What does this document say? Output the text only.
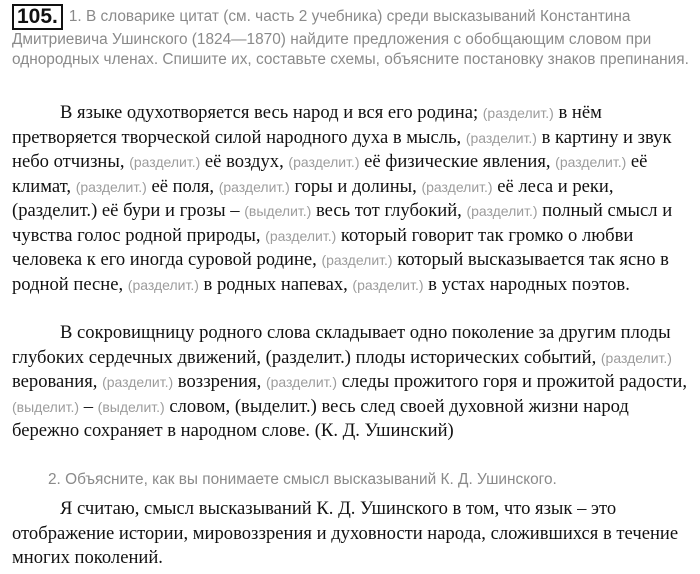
105. 1. В словарике цитат (см. часть 2 учебника) среди высказываний Константина Дмитриевича Ушинского (1824—1870) найдите предложения с обобщающим словом при однородных членах. Спишите их, составьте схемы, объясните постановку знаков препинания.
В языке одухотворяется весь народ и вся его родина; (разделит.) в нём претворяется творческой силой народного духа в мысль, (разделит.) в картину и звук небо отчизны, (разделит.) её воздух, (разделит.) её физические явления, (разделит.) её климат, (разделит.) её поля, (разделит.) горы и долины, (разделит.) её леса и реки, (разделит.) её бури и грозы – (выделит.) весь тот глубокий, (разделит.) полный смысл и чувства голос родной природы, (разделит.) который говорит так громко о любви человека к его иногда суровой родине, (разделит.) который высказывается так ясно в родной песне, (разделит.) в родных напевах, (разделит.) в устах народных поэтов.
В сокровищницу родного слова складывает одно поколение за другим плоды глубоких сердечных движений, (разделит.) плоды исторических событий, (разделит.) верования, (разделит.) воззрения, (разделит.) следы прожитого горя и прожитой радости, (выделит.) – (выделит.) словом, (выделит.) весь след своей духовной жизни народ бережно сохраняет в народном слове. (К. Д. Ушинский)
2. Объясните, как вы понимаете смысл высказываний К. Д. Ушинского.
Я считаю, смысл высказываний К. Д. Ушинского в том, что язык – это отображение истории, мировоззрения и духовности народа, сложившихся в течение многих поколений.
